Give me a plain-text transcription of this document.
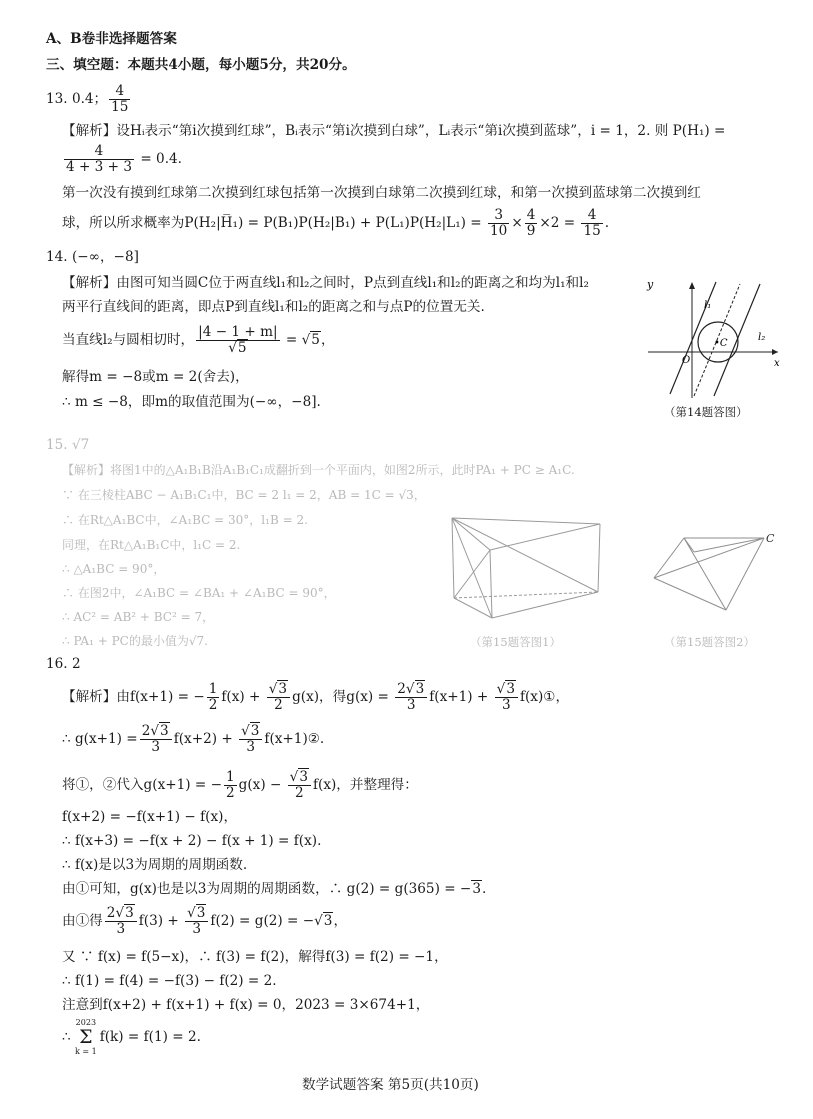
A、B卷非选择题答案
三、填空题：本题共4小题，每小题5分，共20分。
13. 0.4； $\frac{4}{15}$
【解析】设Hᵢ表示“第i次摸到红球”，Bᵢ表示“第i次摸到白球”，Lᵢ表示“第i次摸到蓝球”，i = 1，2. 则 P(H₁) =
$\frac{4}{4 + 3 + 3} = 0.4$.
第一次没有摸到红球第二次摸到红球包括第一次摸到白球第二次摸到红球，和第一次摸到蓝球第二次摸到红
球，所以所求概率为P(H₂|H̅₁) = $P(B_1)P(H_2|B_1) + P(L_1)P(H_2|L_1) = \frac{3}{10} \times \frac{4}{9} \times 2 = \frac{4}{15}$ .
14. (−∞，−8]
【解析】由图可知当圆C位于两直线l₁和l₂之间时，P点到直线l₁和l₂的距离之和均为l₁和l₂
两平行直线间的距离，即点P到直线l₁和l₂的距离之和与点P的位置无关.
当直线l₂与圆相切时， $\frac{|4 - 1 + m|}{√5} = √5$，
解得m = −8或m = 2(舍去)，
∴ m ≤ −8，即m的取值范围为(−∞，−8].
y
x
O
•C
l₁
l₂
（第14题答图）
15. √7
【解析】将图1中的△A₁B₁B沿A₁B₁C₁成翻折到一个平面内，如图2所示，此时PA₁ + PC ≥ A₁C.
∵ 在三棱柱ABC − A₁B₁C₁中，BC = 2 l₁ = 2，AB = 1C = √3，
∴ 在Rt△A₁BC中，∠A₁BC = 30°，l₁B = 2.
同理，在Rt△A₁B₁C中，l₁C = 2.
∴ △A₁BC = 90°，
∴ 在图2中，∠A₁BC = ∠BA₁ + ∠A₁BC = 90°，
∴ AC² = AB² + BC² = 7，
∴ PA₁ + PC的最小值为√7.	（第15题答图1）
C
（第15题答图2）
16. 2
【解析】由f(x+1) = − $\frac{1}{2} f(x) + \frac{√3}{2} g(x)$，得$g(x) = \frac{2√3}{3} f(x+1) + \frac{√3}{3}$ f(x)①，
∴ $g(x+1) = \frac{2√3}{3} f(x+2) + \frac{√3}{3}$ f(x+1)②.
将①，②代入g(x+1) = − $\frac{1}{2} g(x) - \frac{√3}{2} f(x)$，并整理得：
f(x+2) = −f(x+1) − f(x)，
∴ f(x+3) = −f(x + 2) − f(x + 1) = f(x).
∴ f(x)是以3为周期的周期函数.
由①可知，g(x)也是以3为周期的周期函数，∴ g(2) = g(365) = −3.
由①得 $\frac{2√3}{3} f(3) + \frac{√3}{3} f(2) = g(2) = -√3$，
又 ∵ f(x) = f(5−x)，∴ f(3) = f(2)，解得f(3) = f(2) = −1，
∴ f(1) = f(4) = −f(3) − f(2) = 2.
注意到f(x+2) + f(x+1) + f(x) = 0，2023 = 3×674+1，
∴
2023
Σ
k = 1
f(k) = f(1) = 2.
数学试题答案 第5页(共10页)
